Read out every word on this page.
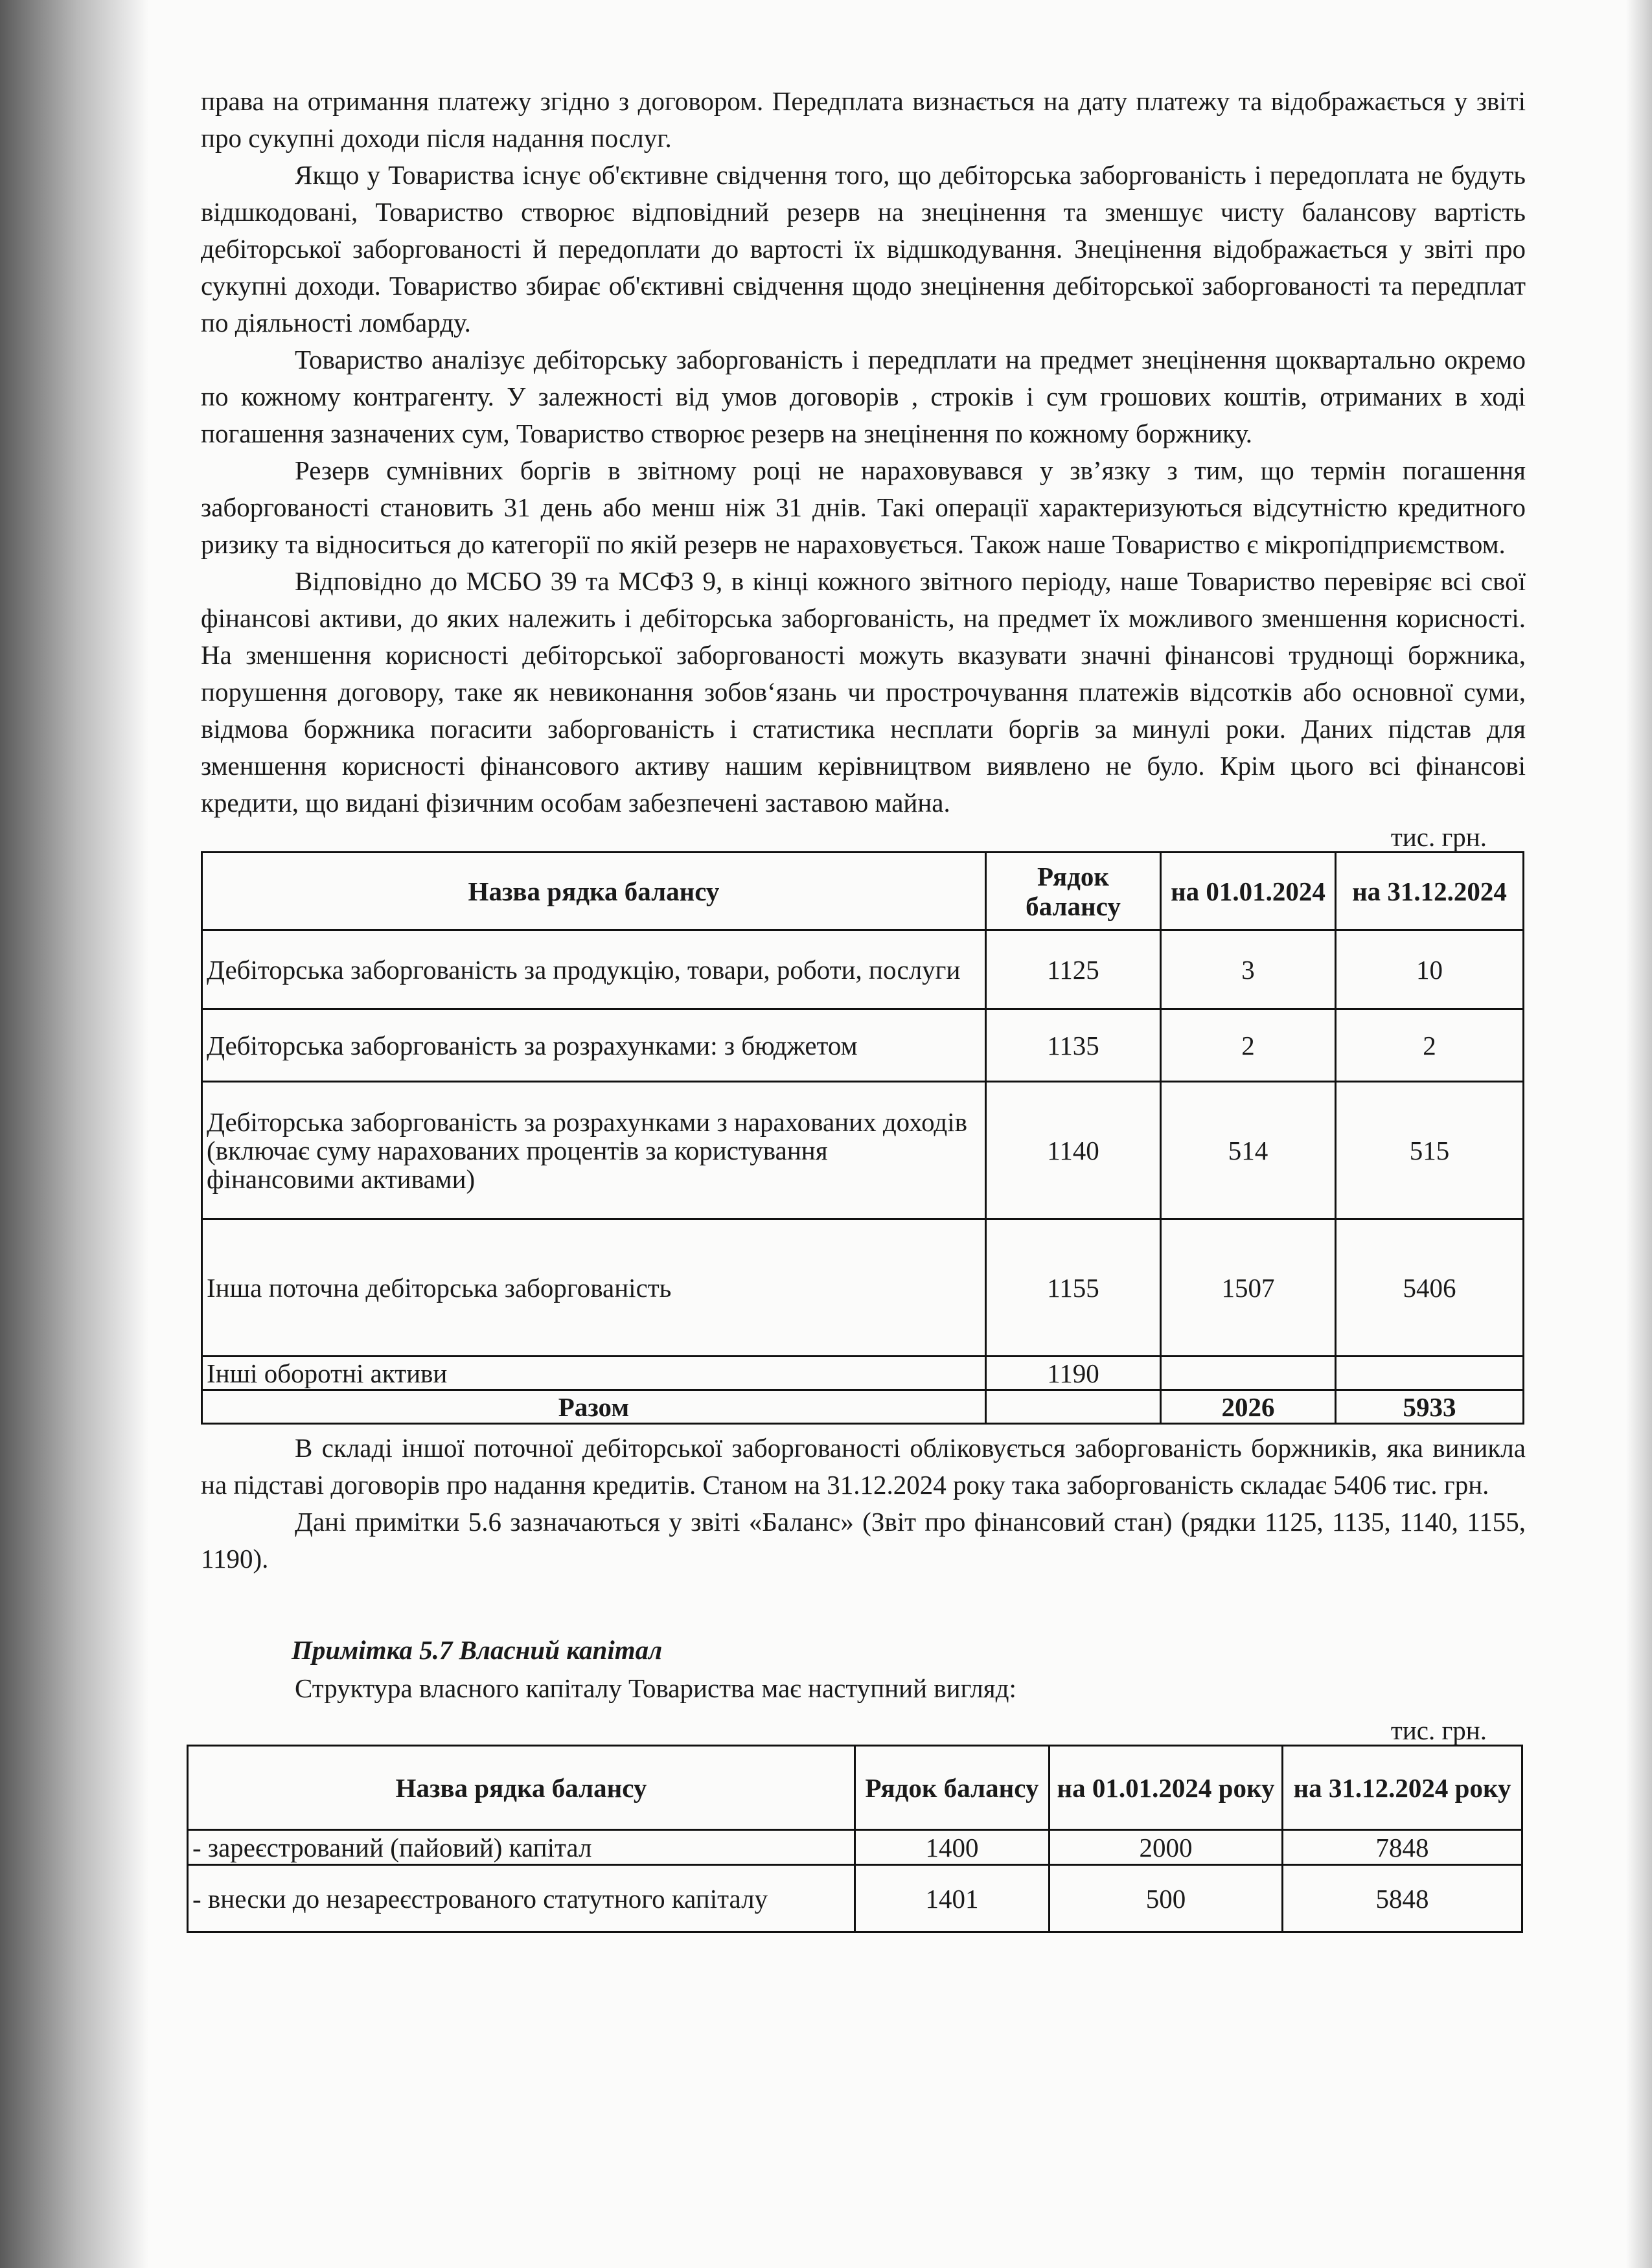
права на отримання платежу згідно з договором. Передплата визнається на дату платежу та відображається у звіті про сукупні доходи після надання послуг.

Якщо у Товариства існує об'єктивне свідчення того, що дебіторська заборгованість і передоплата не будуть відшкодовані, Товариство створює відповідний резерв на знецінення та зменшує чисту балансову вартість дебіторської заборгованості й передоплати до вартості їх відшкодування. Знецінення відображається у звіті про сукупні доходи. Товариство збирає об'єктивні свідчення щодо знецінення дебіторської заборгованості та передплат по діяльності ломбарду.

Товариство аналізує дебіторську заборгованість і передплати на предмет знецінення щоквартально окремо по кожному контрагенту. У залежності від умов договорів , строків і сум грошових коштів, отриманих в ході погашення зазначених сум, Товариство створює резерв на знецінення по кожному боржнику.

Резерв сумнівних боргів в звітному році не нараховувався у зв’язку з тим, що термін погашення заборгованості становить 31 день або менш ніж 31 днів. Такі операції характеризуються відсутністю кредитного ризику та відноситься до категорії по якій резерв не нараховується. Також наше Товариство є мікропідприємством.

Відповідно до МСБО 39 та МСФЗ 9, в кінці кожного звітного періоду, наше Товариство перевіряє всі свої фінансові активи, до яких належить і дебіторська заборгованість, на предмет їх можливого зменшення корисності. На зменшення корисності дебіторської заборгованості можуть вказувати значні фінансові труднощі боржника, порушення договору, таке як невиконання зобов‘язань чи прострочування платежів відсотків або основної суми, відмова боржника погасити заборгованість і статистика несплати боргів за минулі роки. Даних підстав для зменшення корисності фінансового активу нашим керівництвом виявлено не було. Крім цього всі фінансові кредити, що видані фізичним особам забезпечені заставою майна.

тис. грн.
Назва рядка балансу	Рядок балансу	на 01.01.2024	на 31.12.2024
Дебіторська заборгованість за продукцію, товари, роботи, послуги	1125	3	10
Дебіторська заборгованість за розрахунками: з бюджетом	1135	2	2
Дебіторська заборгованість за розрахунками з нарахованих доходів (включає суму нарахованих процентів за користування фінансовими активами)	1140	514	515
Інша поточна дебіторська заборгованість	1155	1507	5406
Інші оборотні активи	1190		
Разом		2026	5933

В складі іншої поточної дебіторської заборгованості обліковується заборгованість боржників, яка виникла на підставі договорів про надання кредитів. Станом на 31.12.2024 року така заборгованість складає 5406 тис. грн.

Дані примітки 5.6 зазначаються у звіті «Баланс» (Звіт про фінансовий стан) (рядки 1125, 1135, 1140, 1155, 1190).

Примітка 5.7 Власний капітал

Структура власного капіталу Товариства має наступний вигляд:

тис. грн.
Назва рядка балансу	Рядок балансу	на 01.01.2024 року	на 31.12.2024 року
- зареєстрований (пайовий) капітал	1400	2000	7848
- внески до незареєстрованого статутного капіталу	1401	500	5848
